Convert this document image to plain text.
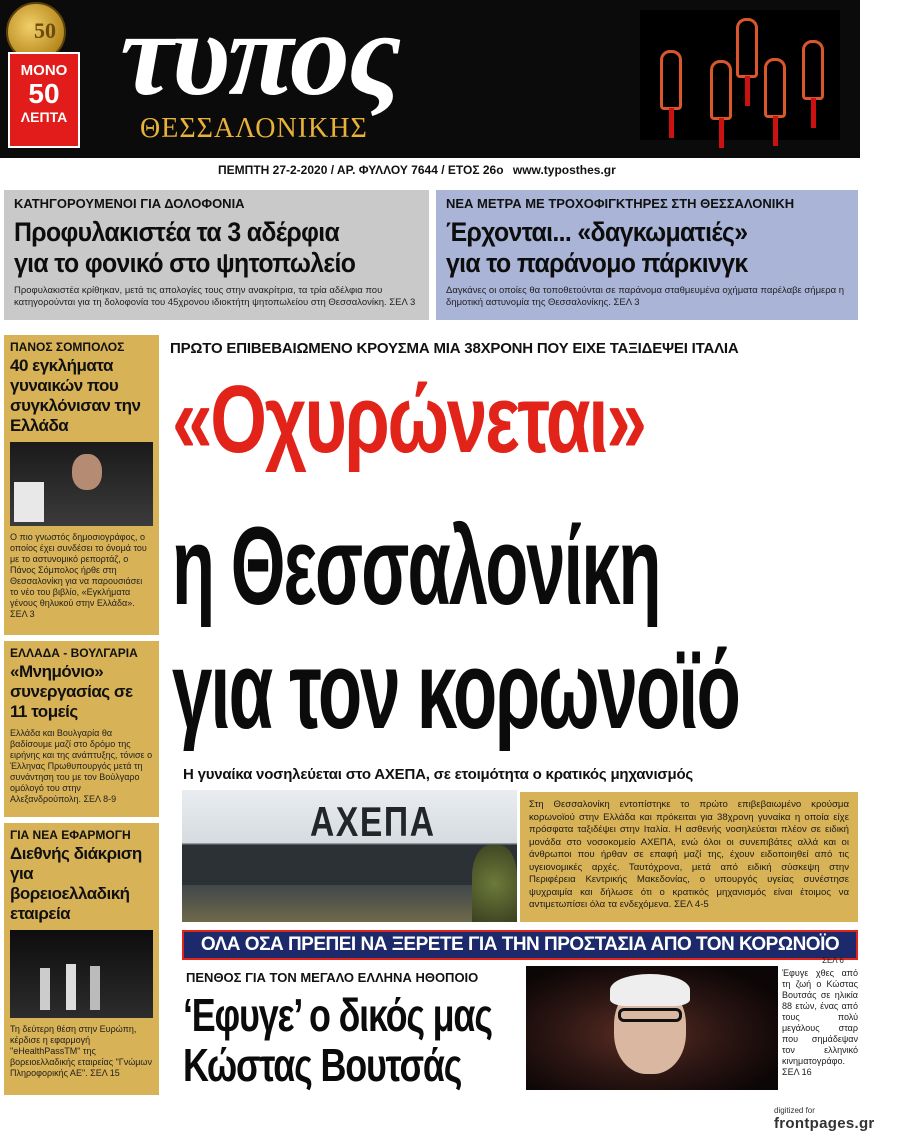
50
ΜΟΝΟ
50
ΛΕΠΤΑ τυπος
ΘΕΣΣΑΛΟΝΙΚΗΣ
ΠΕΜΠΤΗ 27-2-2020 / ΑΡ. ΦΥΛΛΟΥ 7644 / ΕΤΟΣ 26ο www.typosthes.gr
ΚΑΤΗΓΟΡΟΥΜΕΝΟΙ ΓΙΑ ΔΟΛΟΦΟΝΙΑ
Προφυλακιστέα τα 3 αδέρφια
για το φονικό στο ψητοπωλείο
Προφυλακιστέα κρίθηκαν, μετά τις απολογίες τους στην ανακρίτρια, τα τρία αδέλφια που κατηγορούνται για τη δολοφονία του 45χρονου ιδιοκτήτη ψητοπωλείου στη Θεσσαλονίκη. ΣΕΛ 3
ΝΕΑ ΜΕΤΡΑ ΜΕ ΤΡΟΧΟΦΙΓΚΤΗΡΕΣ ΣΤΗ ΘΕΣΣΑΛΟΝΙΚΗ
Έρχονται... «δαγκωματιές»
για το παράνομο πάρκινγκ
Δαγκάνες οι οποίες θα τοποθετούνται σε παράνομα σταθμευμένα οχήματα παρέλαβε σήμερα η δημοτική αστυνομία της Θεσσαλονίκης. ΣΕΛ 3
ΠΑΝΟΣ ΣΟΜΠΟΛΟΣ
40 εγκλήματα γυναικών που συγκλόνισαν την Ελλάδα
Ο πιο γνωστός δημοσιογράφος, ο οποίος έχει συνδέσει το όνομά του με το αστυνομικό ρεπορτάζ, ο Πάνος Σόμπολος ήρθε στη Θεσσαλονίκη για να παρουσιάσει το νέο του βιβλίο, «Εγκλήματα γένους θηλυκού στην Ελλάδα». ΣΕΛ 3
ΕΛΛΑΔΑ - ΒΟΥΛΓΑΡΙΑ
«Μνημόνιο» συνεργασίας σε 11 τομείς
Ελλάδα και Βουλγαρία θα βαδίσουμε μαζί στο δρόμο της ειρήνης και της ανάπτυξης, τόνισε ο Έλληνας Πρωθυπουργός μετά τη συνάντηση του με τον Βούλγαρο ομόλογό του στην Αλεξανδρούπολη. ΣΕΛ 8-9
ΓΙΑ ΝΕΑ ΕΦΑΡΜΟΓΗ
Διεθνής διάκριση για βορειοελλαδική εταιρεία
Τη δεύτερη θέση στην Ευρώπη, κέρδισε η εφαρμογή "eHealthPassTM" της βορειοελλαδικής εταιρείας "Γνώμων Πληροφορικής ΑΕ". ΣΕΛ 15
ΠΡΩΤΟ ΕΠΙΒΕΒΑΙΩΜΕΝΟ ΚΡΟΥΣΜΑ ΜΙΑ 38ΧΡΟΝΗ ΠΟΥ ΕΙΧΕ ΤΑΞΙΔΕΨΕΙ ΙΤΑΛΙΑ
«Οχυρώνεται»
η Θεσσαλονίκη
για τον κορωνοϊό
Η γυναίκα νοσηλεύεται στο ΑΧΕΠΑ, σε ετοιμότητα ο κρατικός μηχανισμός
ΑΧΕΠΑ	Στη Θεσσαλονίκη εντοπίστηκε το πρώτο επιβεβαιωμένο κρούσμα κορωνοϊού στην Ελλάδα και πρόκειται για 38χρονη γυναίκα η οποία είχε πρόσφατα ταξιδέψει στην Ιταλία. Η ασθενής νοσηλεύεται πλέον σε ειδική μονάδα στο νοσοκομείο ΑΧΕΠΑ, ενώ όλοι οι συνεπιβάτες αλλά και οι άνθρωποι που ήρθαν σε επαφή μαζί της, έχουν ειδοποιηθεί από τις υγειονομικές αρχές. Ταυτόχρονα, μετά από ειδική σύσκεψη στην Περιφέρεια Κεντρικής Μακεδονίας, ο υπουργός υγείας συνέστησε ψυχραιμία και δήλωσε ότι ο κρατικός μηχανισμός είναι έτοιμος να αντιμετωπίσει όλα τα ενδεχόμενα. ΣΕΛ 4-5
ΟΛΑ ΟΣΑ ΠΡΕΠΕΙ ΝΑ ΞΕΡΕΤΕ ΓΙΑ ΤΗΝ ΠΡΟΣΤΑΣΙΑ ΑΠΟ ΤΟΝ ΚΟΡΩΝΟΪΟ
ΣΕΛ 6
ΠΕΝΘΟΣ ΓΙΑ ΤΟΝ ΜΕΓΑΛΟ ΕΛΛΗΝΑ ΗΘΟΠΟΙΟ
‘Εφυγε’ ο δικός μας
Κώστας Βουτσάς
Έφυγε χθες από τη ζωή ο Κώστας Βουτσάς σε ηλικία 88 ετών, ένας από τους πολύ μεγάλους σταρ που σημάδεψαν τον ελληνικό κινηματογράφο. ΣΕΛ 16
digitized for
frontpages.gr
